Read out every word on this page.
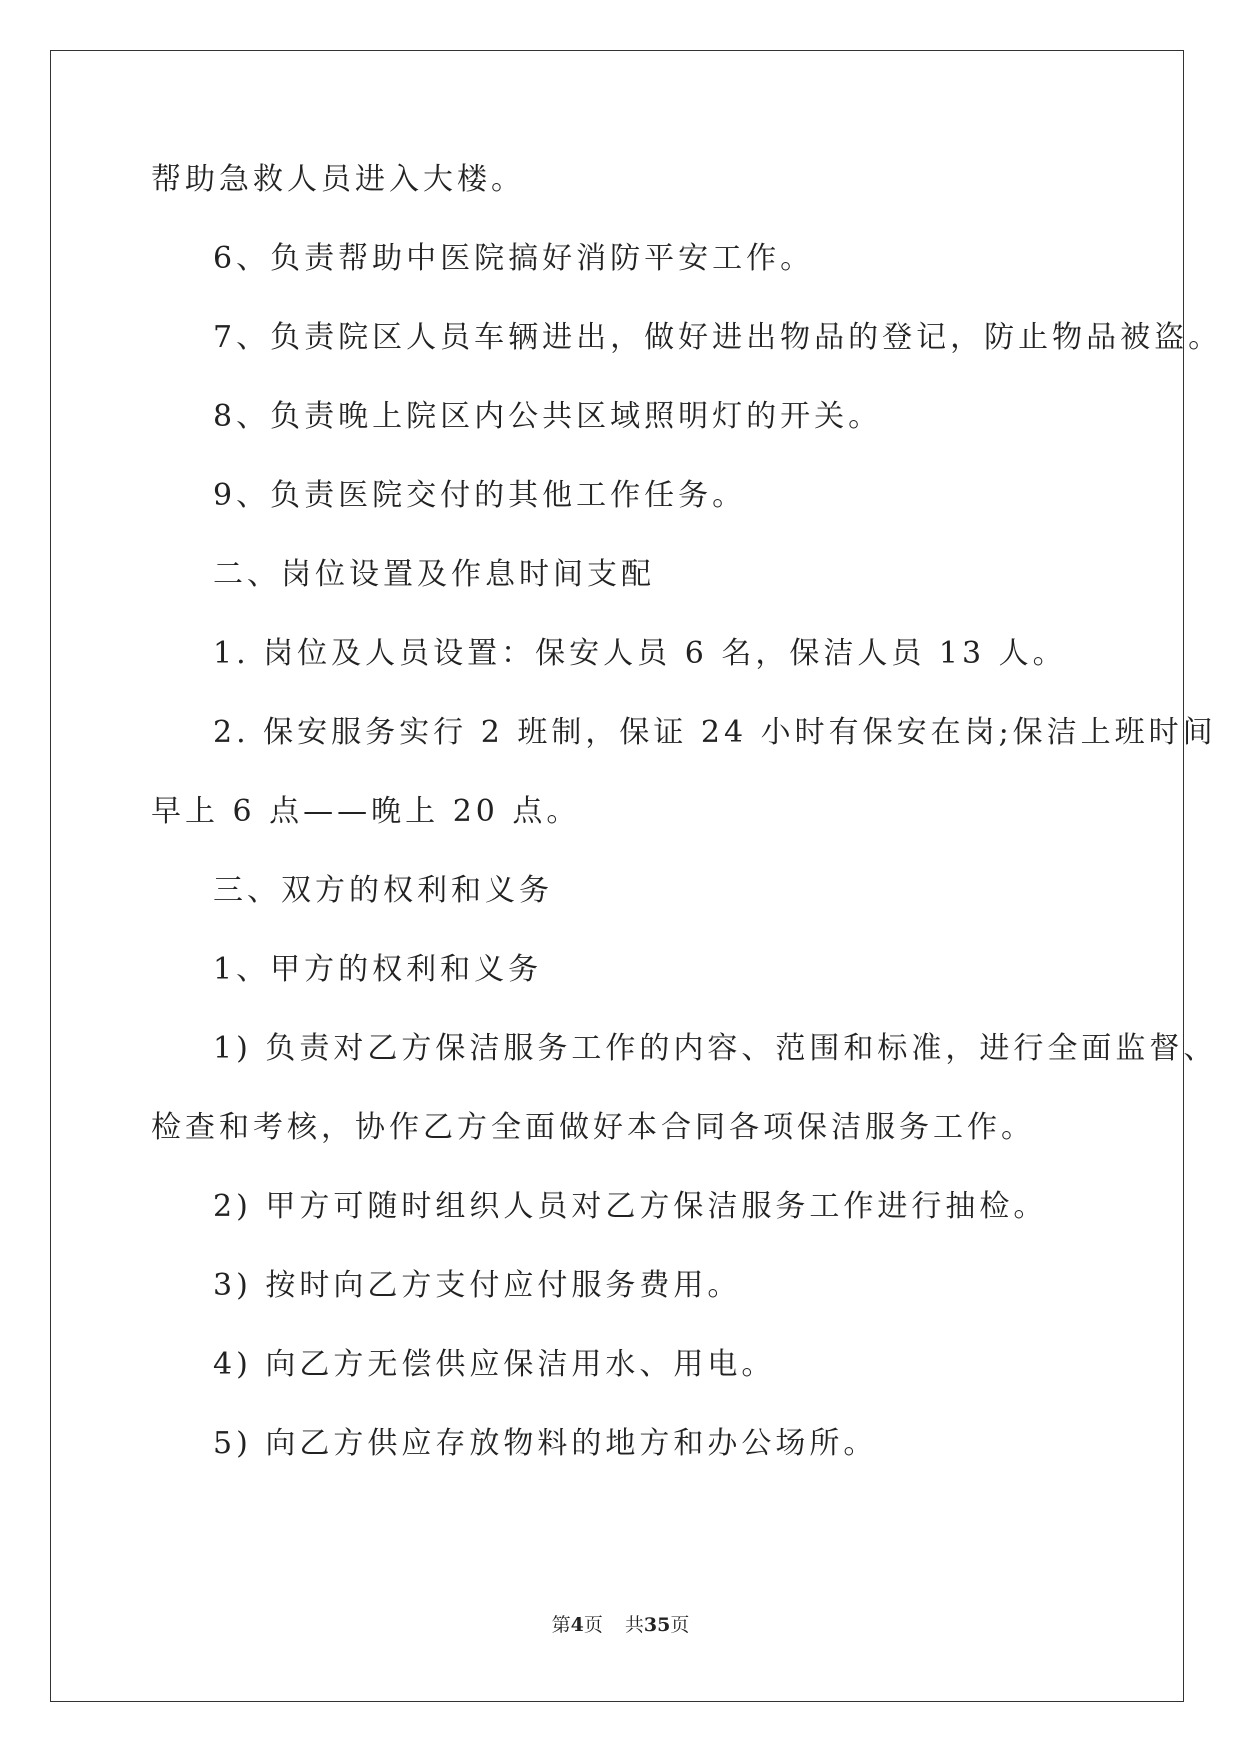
帮助急救人员进入大楼。
6、负责帮助中医院搞好消防平安工作。
7、负责院区人员车辆进出，做好进出物品的登记，防止物品被盗。
8、负责晚上院区内公共区域照明灯的开关。
9、负责医院交付的其他工作任务。
二、岗位设置及作息时间支配
1. 岗位及人员设置：保安人员 6 名，保洁人员 13 人。
2. 保安服务实行 2 班制，保证 24 小时有保安在岗;保洁上班时间
早上 6 点——晚上 20 点。
三、双方的权利和义务
1、甲方的权利和义务
1) 负责对乙方保洁服务工作的内容、范围和标准，进行全面监督、
检查和考核，协作乙方全面做好本合同各项保洁服务工作。
2) 甲方可随时组织人员对乙方保洁服务工作进行抽检。
3) 按时向乙方支付应付服务费用。
4) 向乙方无偿供应保洁用水、用电。
5) 向乙方供应存放物料的地方和办公场所。
第4页 共35页
